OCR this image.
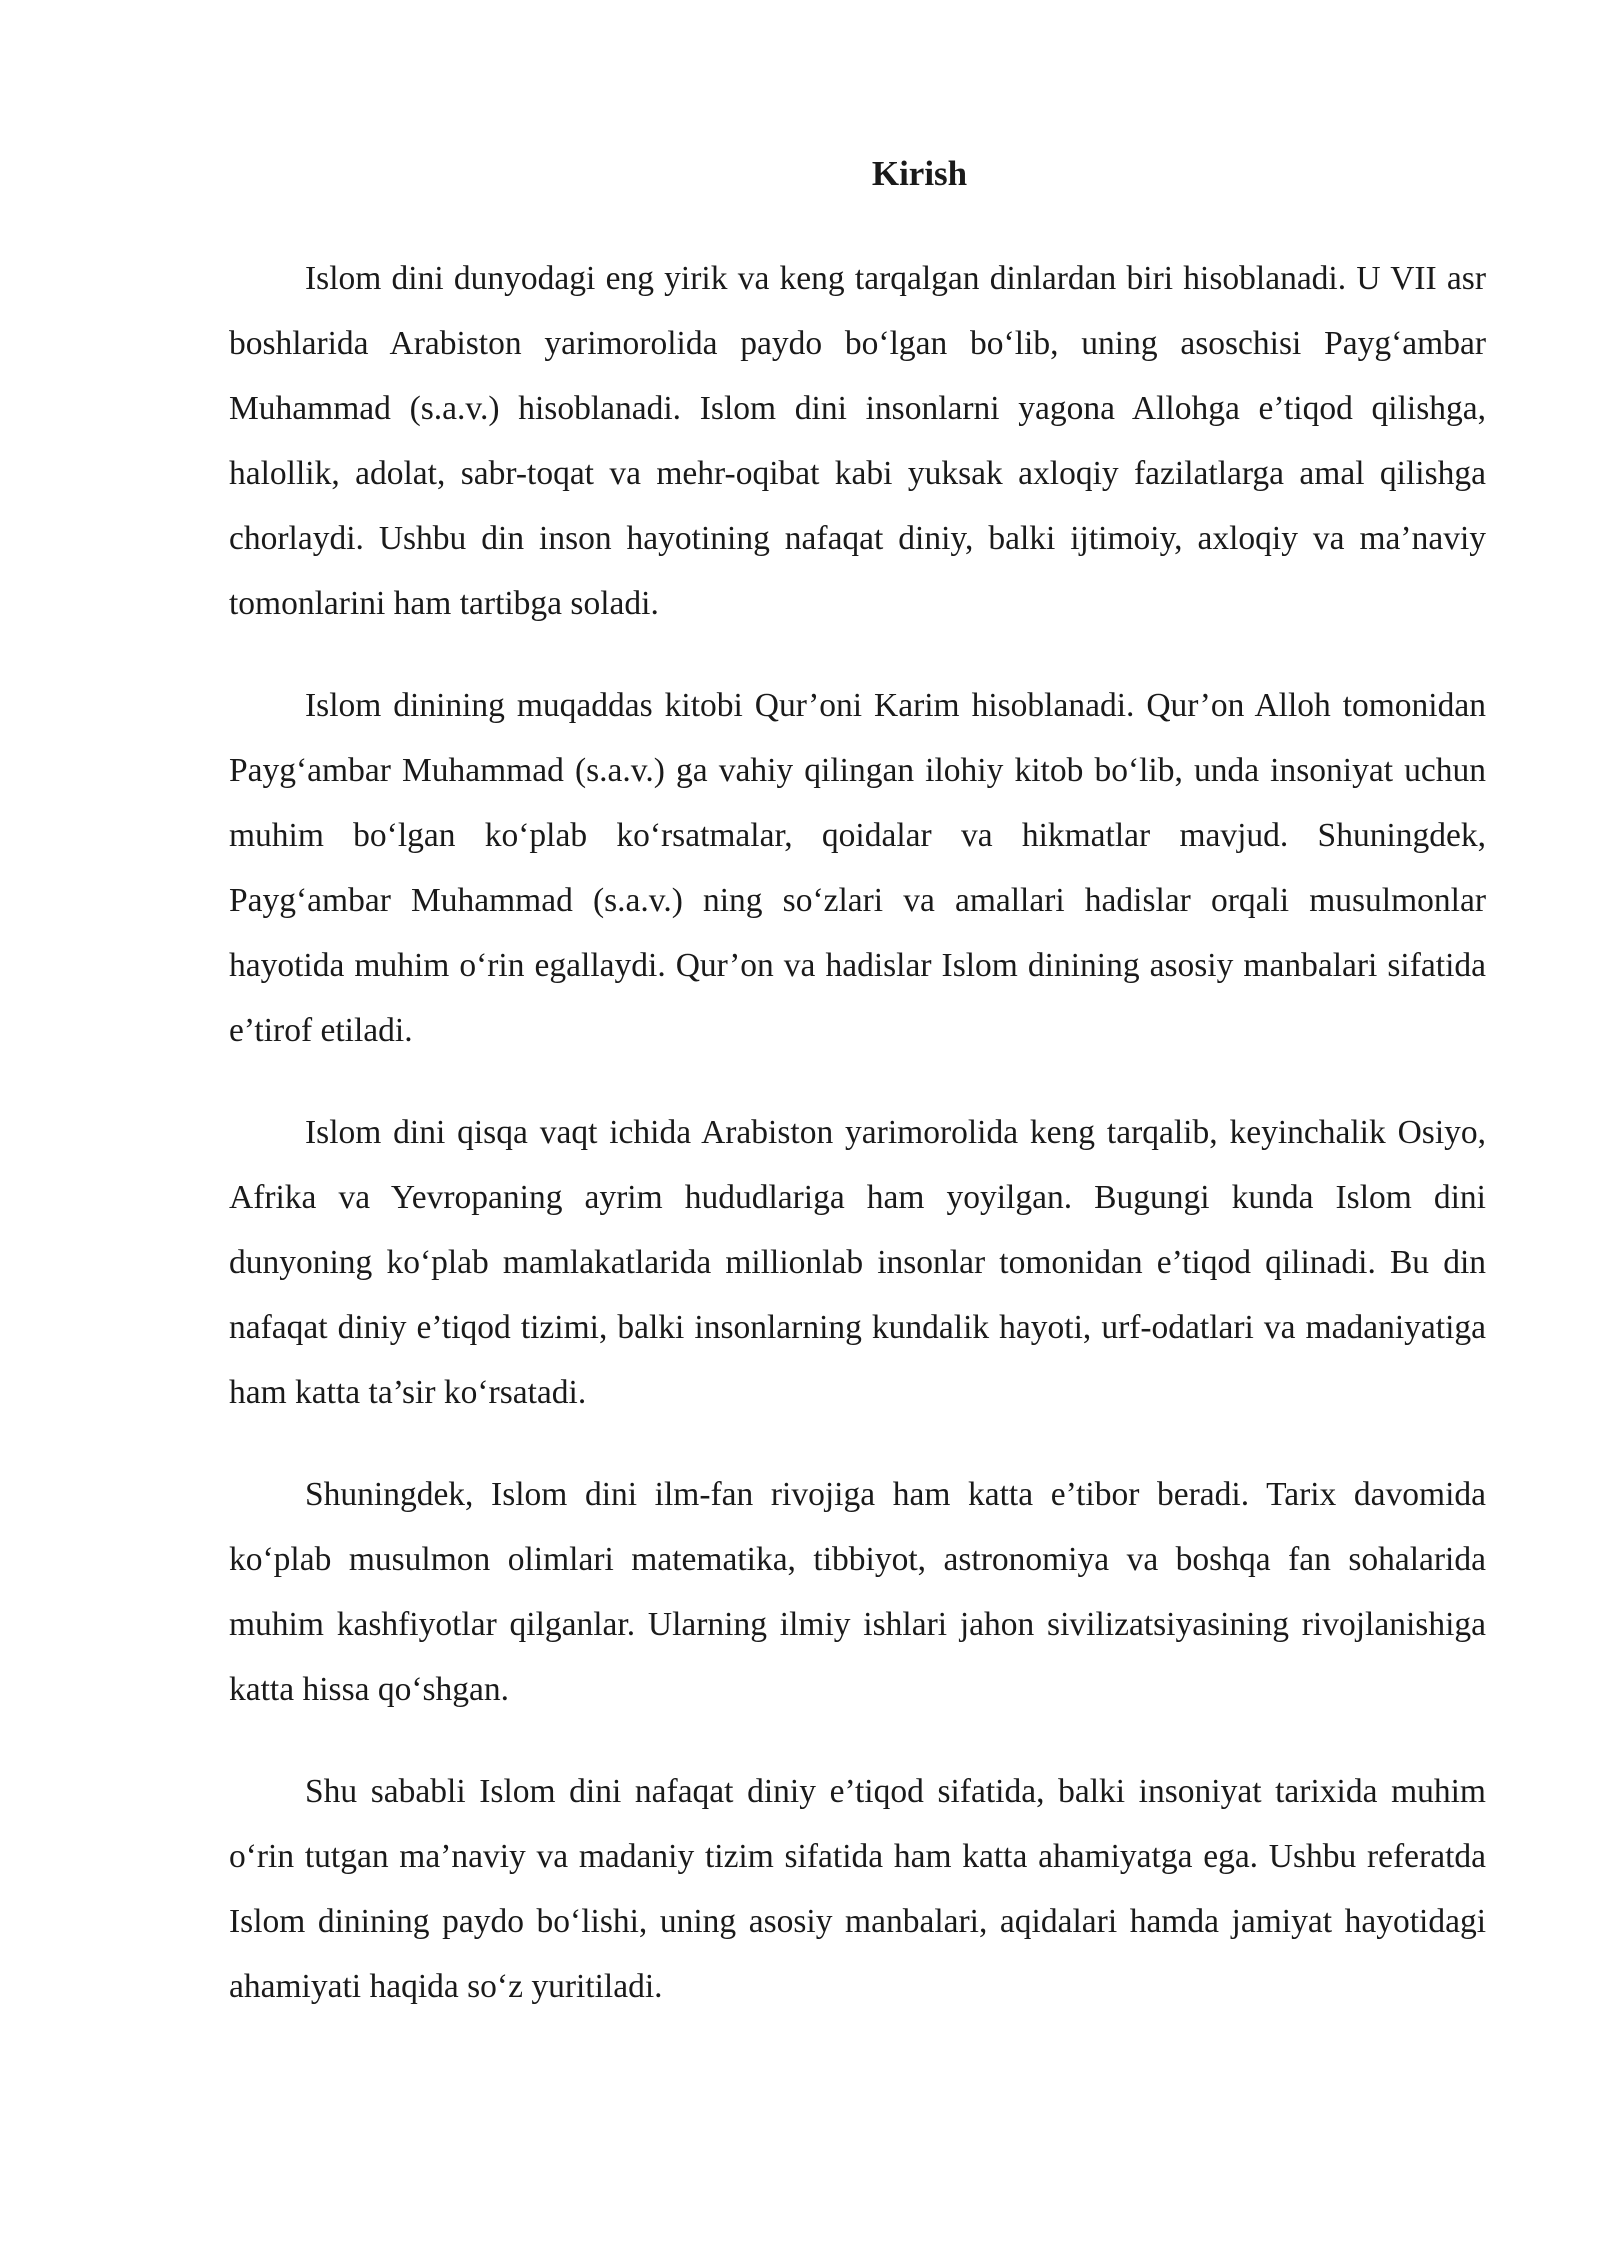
Kirish

Islom dini dunyodagi eng yirik va keng tarqalgan dinlardan biri hisoblanadi. U VII asr boshlarida Arabiston yarimorolida paydo bo‘lgan bo‘lib, uning asoschisi Payg‘ambar Muhammad (s.a.v.) hisoblanadi. Islom dini insonlarni yagona Allohga e’tiqod qilishga, halollik, adolat, sabr-toqat va mehr-oqibat kabi yuksak axloqiy fazilatlarga amal qilishga chorlaydi. Ushbu din inson hayotining nafaqat diniy, balki ijtimoiy, axloqiy va ma’naviy tomonlarini ham tartibga soladi.

Islom dinining muqaddas kitobi Qur’oni Karim hisoblanadi. Qur’on Alloh tomonidan Payg‘ambar Muhammad (s.a.v.) ga vahiy qilingan ilohiy kitob bo‘lib, unda insoniyat uchun muhim bo‘lgan ko‘plab ko‘rsatmalar, qoidalar va hikmatlar mavjud. Shuningdek, Payg‘ambar Muhammad (s.a.v.) ning so‘zlari va amallari hadislar orqali musulmonlar hayotida muhim o‘rin egallaydi. Qur’on va hadislar Islom dinining asosiy manbalari sifatida e’tirof etiladi.

Islom dini qisqa vaqt ichida Arabiston yarimorolida keng tarqalib, keyinchalik Osiyo, Afrika va Yevropaning ayrim hududlariga ham yoyilgan. Bugungi kunda Islom dini dunyoning ko‘plab mamlakatlarida millionlab insonlar tomonidan e’tiqod qilinadi. Bu din nafaqat diniy e’tiqod tizimi, balki insonlarning kundalik hayoti, urf-odatlari va madaniyatiga ham katta ta’sir ko‘rsatadi.

Shuningdek, Islom dini ilm-fan rivojiga ham katta e’tibor beradi. Tarix davomida ko‘plab musulmon olimlari matematika, tibbiyot, astronomiya va boshqa fan sohalarida muhim kashfiyotlar qilganlar. Ularning ilmiy ishlari jahon sivilizatsiyasining rivojlanishiga katta hissa qo‘shgan.

Shu sababli Islom dini nafaqat diniy e’tiqod sifatida, balki insoniyat tarixida muhim o‘rin tutgan ma’naviy va madaniy tizim sifatida ham katta ahamiyatga ega. Ushbu referatda Islom dinining paydo bo‘lishi, uning asosiy manbalari, aqidalari hamda jamiyat hayotidagi ahamiyati haqida so‘z yuritiladi.
